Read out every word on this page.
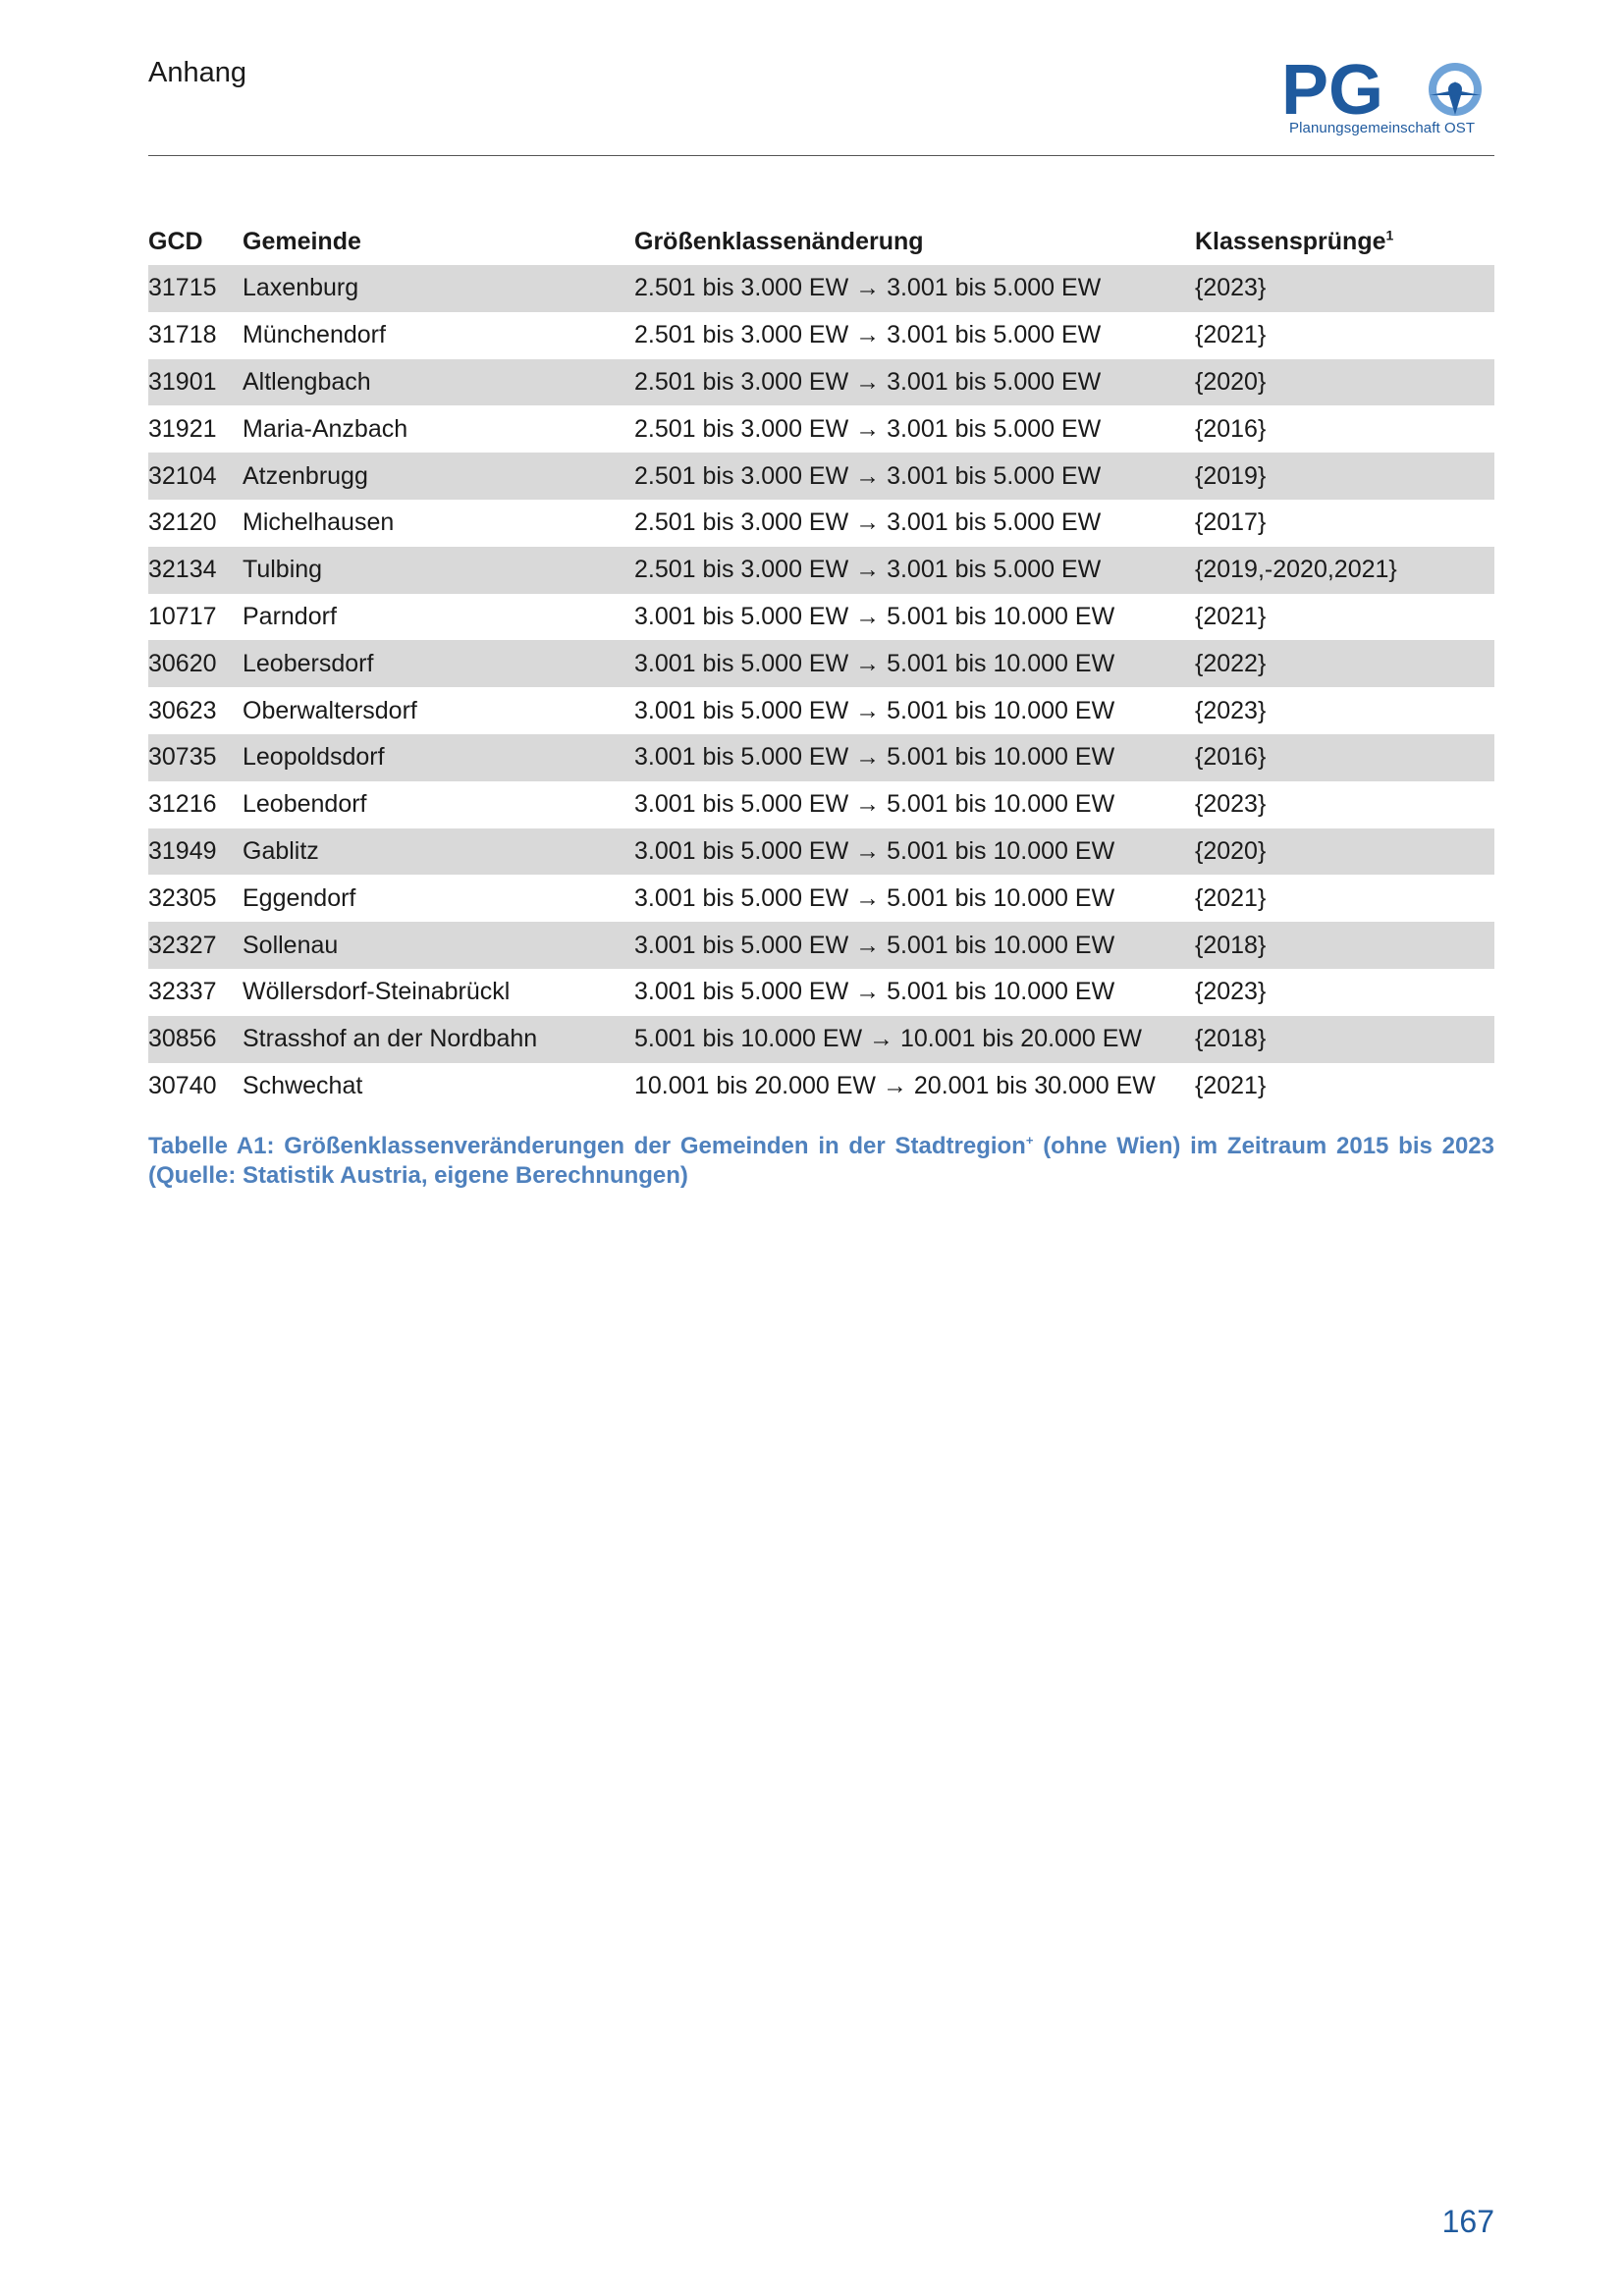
Anhang	PG
Planungsgemeinschaft OST
GCD	Gemeinde	Größenklassenänderung	Klassensprünge$^1$
31715	Laxenburg	2.501 bis 3.000 EW → 3.001 bis 5.000 EW	{2023}
31718	Münchendorf	2.501 bis 3.000 EW → 3.001 bis 5.000 EW	{2021}
31901	Altlengbach	2.501 bis 3.000 EW → 3.001 bis 5.000 EW	{2020}
31921	Maria-Anzbach	2.501 bis 3.000 EW → 3.001 bis 5.000 EW	{2016}
32104	Atzenbrugg	2.501 bis 3.000 EW → 3.001 bis 5.000 EW	{2019}
32120	Michelhausen	2.501 bis 3.000 EW → 3.001 bis 5.000 EW	{2017}
32134	Tulbing	2.501 bis 3.000 EW → 3.001 bis 5.000 EW	{2019,-2020,2021}
10717	Parndorf	3.001 bis 5.000 EW → 5.001 bis 10.000 EW	{2021}
30620	Leobersdorf	3.001 bis 5.000 EW → 5.001 bis 10.000 EW	{2022}
30623	Oberwaltersdorf	3.001 bis 5.000 EW → 5.001 bis 10.000 EW	{2023}
30735	Leopoldsdorf	3.001 bis 5.000 EW → 5.001 bis 10.000 EW	{2016}
31216	Leobendorf	3.001 bis 5.000 EW → 5.001 bis 10.000 EW	{2023}
31949	Gablitz	3.001 bis 5.000 EW → 5.001 bis 10.000 EW	{2020}
32305	Eggendorf	3.001 bis 5.000 EW → 5.001 bis 10.000 EW	{2021}
32327	Sollenau	3.001 bis 5.000 EW → 5.001 bis 10.000 EW	{2018}
32337	Wöllersdorf-Steinabrückl	3.001 bis 5.000 EW → 5.001 bis 10.000 EW	{2023}
30856	Strasshof an der Nordbahn	5.001 bis 10.000 EW → 10.001 bis 20.000 EW	{2018}
30740	Schwechat	10.001 bis 20.000 EW → 20.001 bis 30.000 EW	{2021}
Tabelle A1: Größenklassenveränderungen der Gemeinden in der Stadtregion+ (ohne Wien) im Zeitraum 2015 bis 2023 (Quelle: Statistik Austria, eigene Berechnungen)
167
